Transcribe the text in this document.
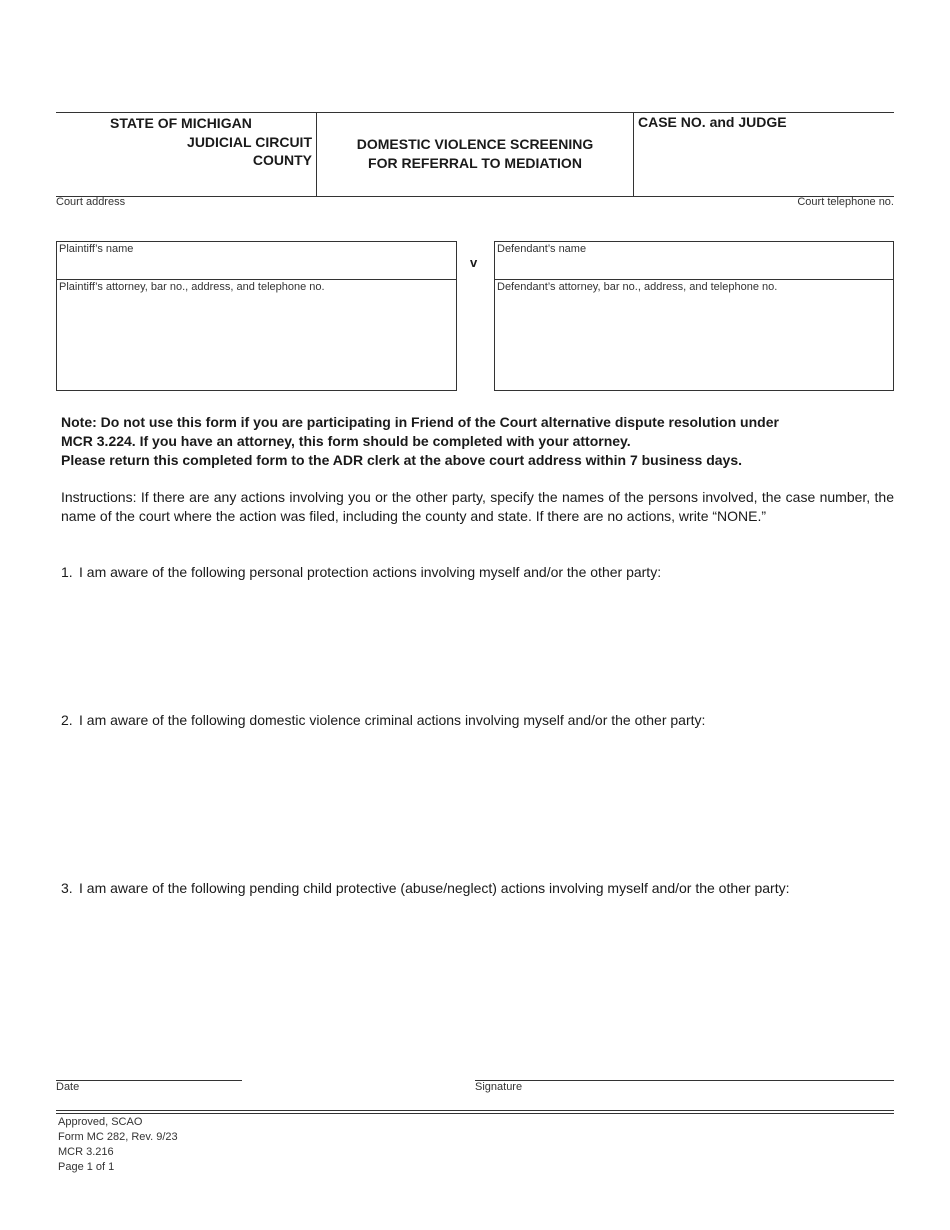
STATE OF MICHIGAN
JUDICIAL CIRCUIT
COUNTY
DOMESTIC VIOLENCE SCREENING
FOR REFERRAL TO MEDIATION
CASE NO. and JUDGE
Court address	Court telephone no.
Plaintiff’s name
Plaintiff’s attorney, bar no., address, and telephone no.
v
Defendant’s name
Defendant’s attorney, bar no., address, and telephone no.
Note: Do not use this form if you are participating in Friend of the Court alternative dispute resolution under
MCR 3.224. If you have an attorney, this form should be completed with your attorney.
Please return this completed form to the ADR clerk at the above court address within 7 business days.
Instructions: If there are any actions involving you or the other party, specify the names of the persons involved, the case number, the name of the court where the action was filed, including the county and state. If there are no actions, write “NONE.”
1. I am aware of the following personal protection actions involving myself and/or the other party:
2. I am aware of the following domestic violence criminal actions involving myself and/or the other party:
3. I am aware of the following pending child protective (abuse/neglect) actions involving myself and/or the other party:
Date	Signature
Approved, SCAO
Form MC 282, Rev. 9/23
MCR 3.216
Page 1 of 1
